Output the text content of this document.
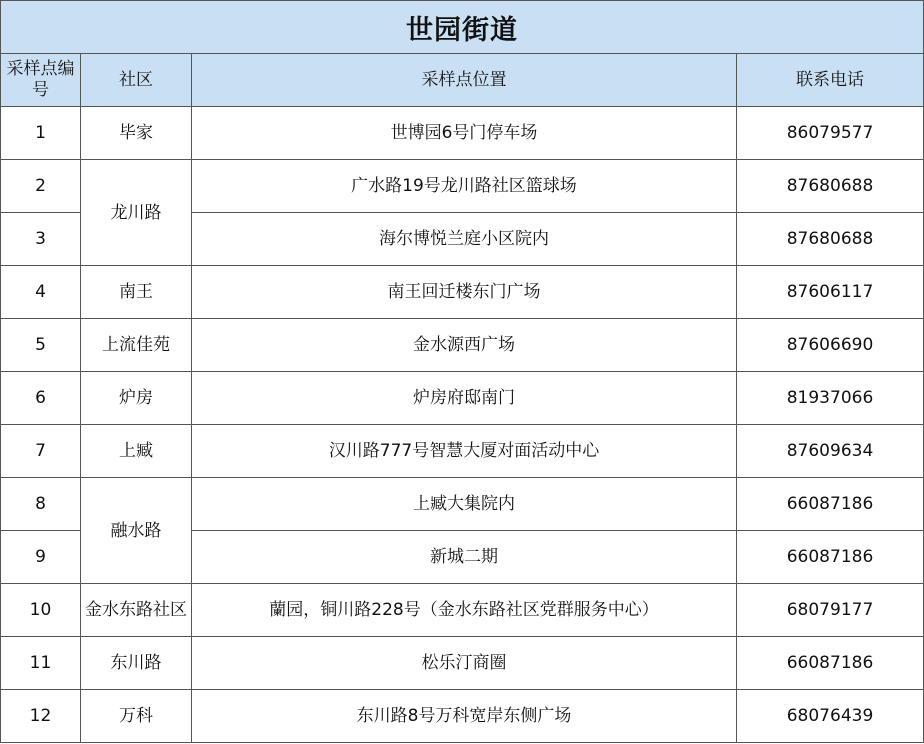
世园街道			
采样点编号	社区	采样点位置	联系电话
1	毕家	世博园6号门停车场	86079577
2	龙川路	广水路19号龙川路社区篮球场	87680688
3		海尔博悦兰庭小区院内	87680688
4	南王	南王回迁楼东门广场	87606117
5	上流佳苑	金水源西广场	87606690
6	炉房	炉房府邸南门	81937066
7	上臧	汉川路777号智慧大厦对面活动中心	87609634
8	融水路	上臧大集院内	66087186
9		新城二期	66087186
10	金水东路社区	蘭园，铜川路228号（金水东路社区党群服务中心）	68079177
11	东川路	松乐汀商圈	66087186
12	万科	东川路8号万科宽岸东侧广场	68076439
